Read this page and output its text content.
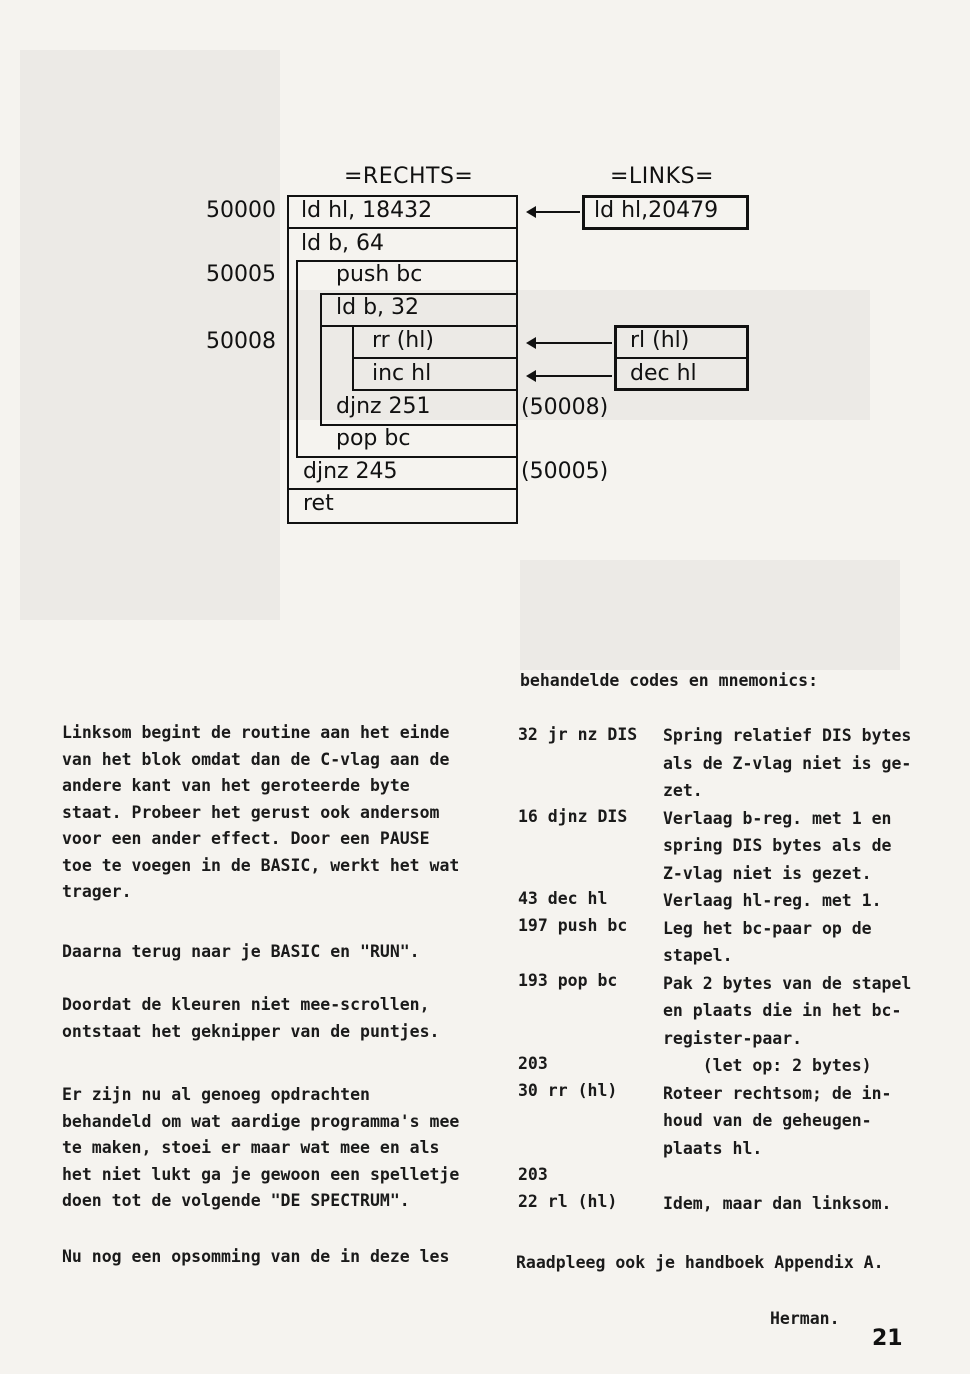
=RECHTS=	=LINKS=
50000
50005
50008
ld hl, 18432
ld b, 64
push bc
ld b, 32
rr (hl)
inc hl
djnz 251
pop bc
djnz 245
ret
ld hl,20479
rl (hl)
dec hl
(50008)
(50005)
Linksom begint de routine aan het einde
van het blok omdat dan de C-vlag aan de
andere kant van het geroteerde byte
staat. Probeer het gerust ook andersom
voor een ander effect. Door een PAUSE
toe te voegen in de BASIC, werkt het wat
trager.
Daarna terug naar je BASIC en "RUN".
Doordat de kleuren niet mee-scrollen,
ontstaat het geknipper van de puntjes.
Er zijn nu al genoeg opdrachten
behandeld om wat aardige programma's mee
te maken, stoei er maar wat mee en als
het niet lukt ga je gewoon een spelletje
doen tot de volgende "DE SPECTRUM".
Nu nog een opsomming van de in deze les
behandelde codes en mnemonics:
32 jr nz DIS
16 djnz DIS
43 dec hl
197 push bc
193 pop bc
203
30 rr (hl)
203
22 rl (hl)
Spring relatief DIS bytes
als de Z-vlag niet is ge-
zet.
Verlaag b-reg. met 1 en
spring DIS bytes als de
Z-vlag niet is gezet.
Verlaag hl-reg. met 1.
Leg het bc-paar op de
stapel.
Pak 2 bytes van de stapel
en plaats die in het bc-
register-paar.
(let op: 2 bytes)
Roteer rechtsom; de in-
houd van de geheugen-
plaats hl.
Idem, maar dan linksom.
Raadpleeg ook je handboek Appendix A.
Herman.
21
